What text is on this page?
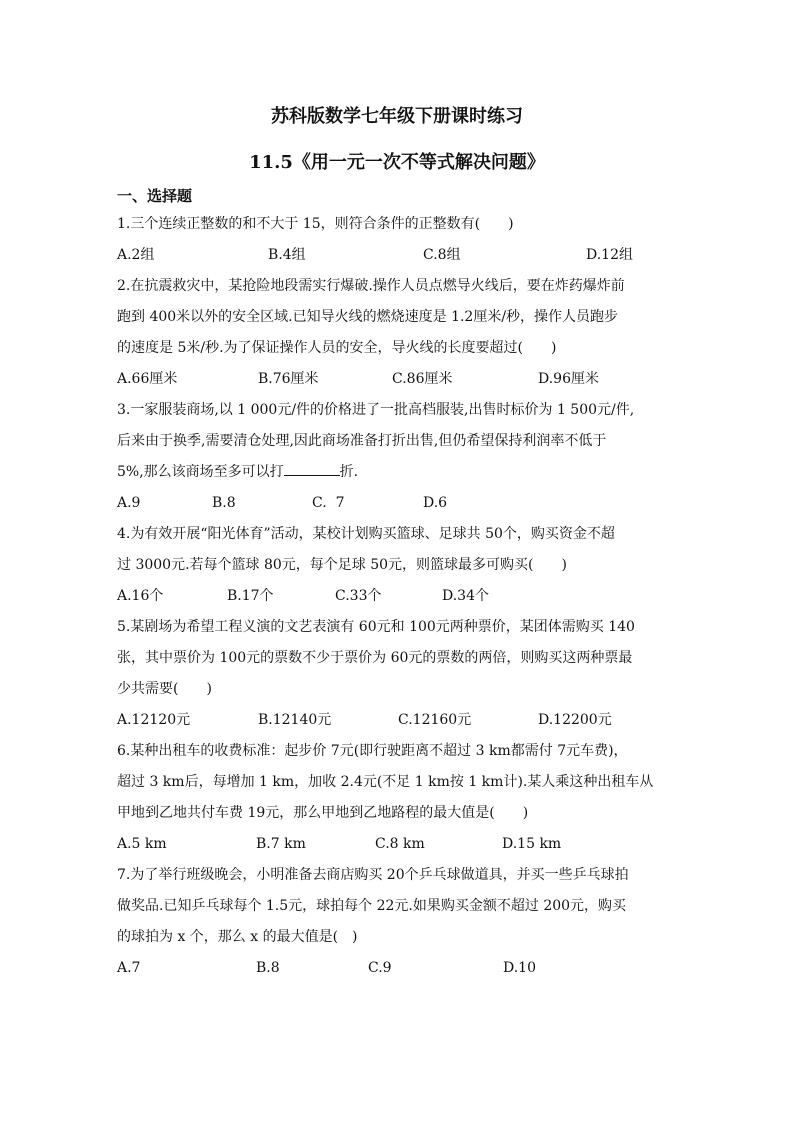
苏科版数学七年级下册课时练习
11.5《用一元一次不等式解决问题》
一、选择题
1.三个连续正整数的和不大于 15，则符合条件的正整数有(　　)
A.2组	B.4组	C.8组	D.12组
2.在抗震救灾中，某抢险地段需实行爆破.操作人员点燃导火线后，要在炸药爆炸前
跑到 400米以外的安全区域.已知导火线的燃烧速度是 1.2厘米/秒，操作人员跑步
的速度是 5米/秒.为了保证操作人员的安全，导火线的长度要超过(　　)
A.66厘米	B.76厘米	C.86厘米	D.96厘米
3.一家服装商场,以 1 000元/件的价格进了一批高档服装,出售时标价为 1 500元/件,
后来由于换季,需要清仓处理,因此商场准备打折出售,但仍希望保持利润率不低于
5%,那么该商场至多可以打	折.
A.9	B.8	C.  7	D.6
4.为有效开展“阳光体育”活动，某校计划购买篮球、足球共 50个，购买资金不超
过 3000元.若每个篮球 80元，每个足球 50元，则篮球最多可购买(　　)
A.16个	B.17个	C.33个	D.34个
5.某剧场为希望工程义演的文艺表演有 60元和 100元两种票价，某团体需购买 140
张，其中票价为 100元的票数不少于票价为 60元的票数的两倍，则购买这两种票最
少共需要(　　)
A.12120元	B.12140元	C.12160元	D.12200元
6.某种出租车的收费标准：起步价 7元(即行驶距离不超过 3 km都需付 7元车费)，
超过 3 km后，每增加 1 km，加收 2.4元(不足 1 km按 1 km计).某人乘这种出租车从
甲地到乙地共付车费 19元，那么甲地到乙地路程的最大值是(　　)
A.5 km	B.7 km	C.8 km	D.15 km
7.为了举行班级晚会，小明准备去商店购买 20个乒乓球做道具，并买一些乒乓球拍
做奖品.已知乒乓球每个 1.5元，球拍每个 22元.如果购买金额不超过 200元，购买
的球拍为 x 个，那么 x 的最大值是(　)
A.7	B.8	C.9	D.10
